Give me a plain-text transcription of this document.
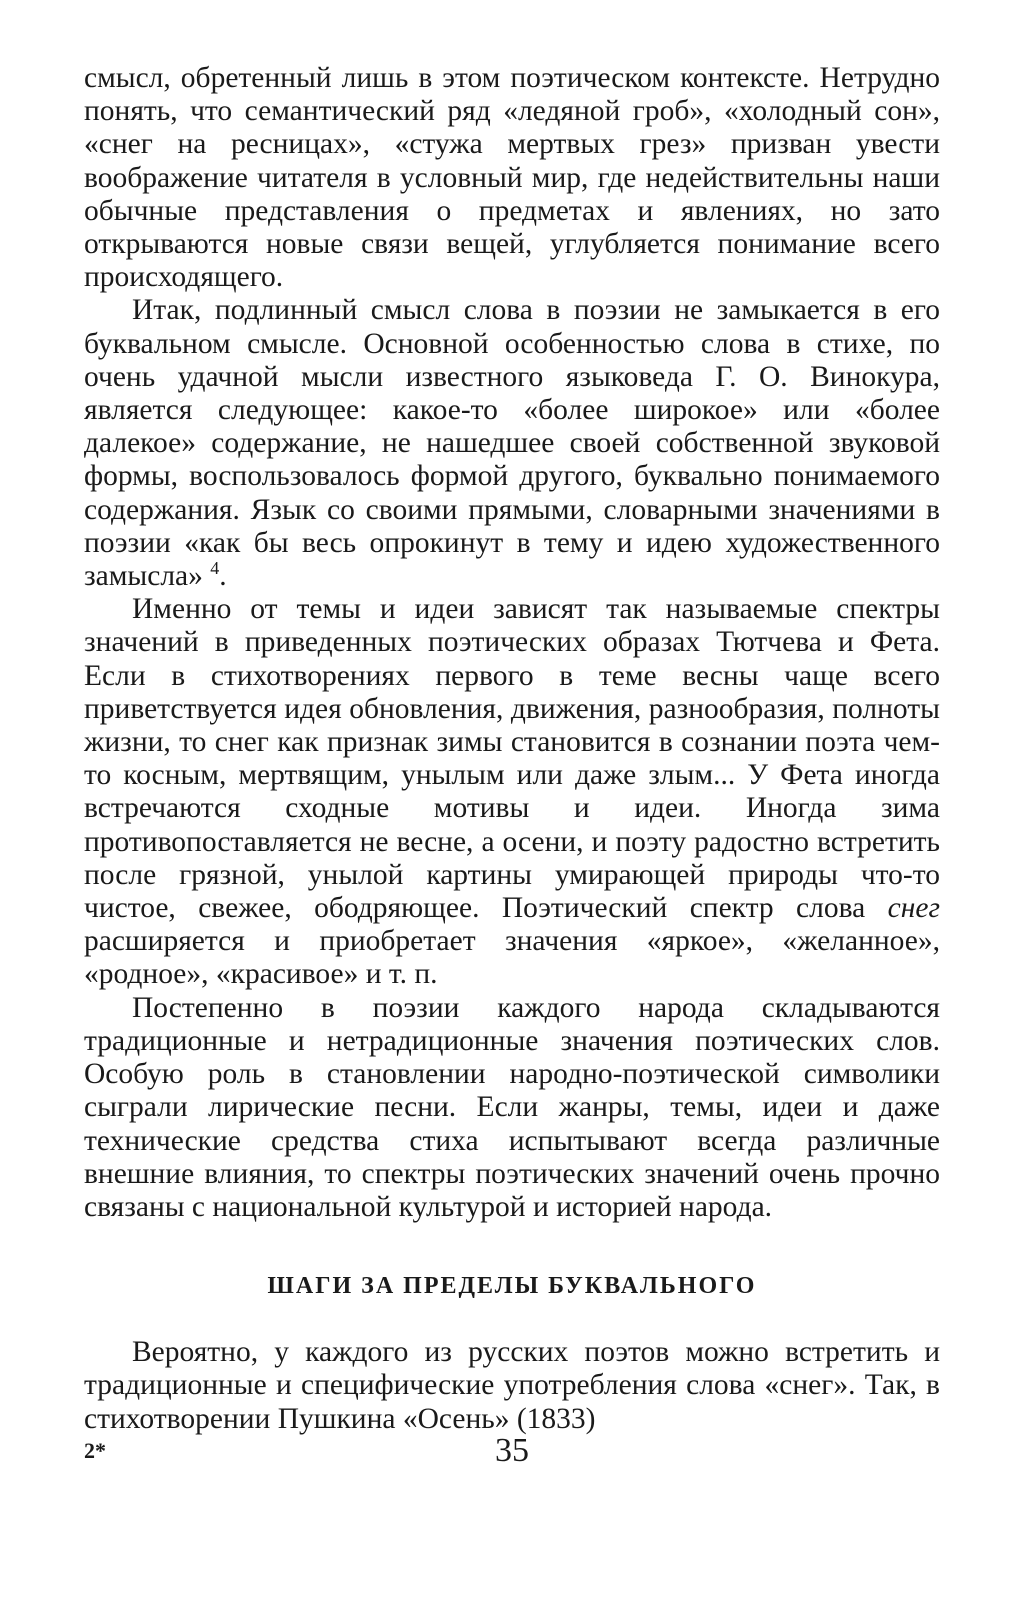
смысл, обретенный лишь в этом поэтическом контексте. Нетрудно понять, что семантический ряд «ледяной гроб», «холодный сон», «снег на ресницах», «стужа мертвых грез» призван увести воображение читателя в условный мир, где недействительны наши обычные представления о предметах и явлениях, но зато открываются новые связи вещей, углубляется понимание всего происходящего.

Итак, подлинный смысл слова в поэзии не замыкается в его буквальном смысле. Основной особенностью слова в стихе, по очень удачной мысли известного языковеда Г. О. Винокура, является следующее: какое-то «более широкое» или «более далекое» содержание, не нашедшее своей собственной звуковой формы, воспользовалось формой другого, буквально понимаемого содержания. Язык со своими прямыми, словарными значениями в поэзии «как бы весь опрокинут в тему и идею художественного замысла» $^4$.

Именно от темы и идеи зависят так называемые спектры значений в приведенных поэтических образах Тютчева и Фета. Если в стихотворениях первого в теме весны чаще всего приветствуется идея обновления, движения, разнообразия, полноты жизни, то снег как признак зимы становится в сознании поэта чем-то косным, мертвящим, унылым или даже злым... У Фета иногда встречаются сходные мотивы и идеи. Иногда зима противопоставляется не весне, а осени, и поэту радостно встретить после грязной, унылой картины умирающей природы что-то чистое, свежее, ободряющее. Поэтический спектр слова снег расширяется и приобретает значения «яркое», «желанное», «родное», «красивое» и т. п.

Постепенно в поэзии каждого народа складываются традиционные и нетрадиционные значения поэтических слов. Особую роль в становлении народно-поэтической символики сыграли лирические песни. Если жанры, темы, идеи и даже технические средства стиха испытывают всегда различные внешние влияния, то спектры поэтических значений очень прочно связаны с национальной культурой и историей народа.

ШАГИ ЗА ПРЕДЕЛЫ БУКВАЛЬНОГО

Вероятно, у каждого из русских поэтов можно встретить и традиционные и специфические употребления слова «снег». Так, в стихотворении Пушкина «Осень» (1833)

2*	35
